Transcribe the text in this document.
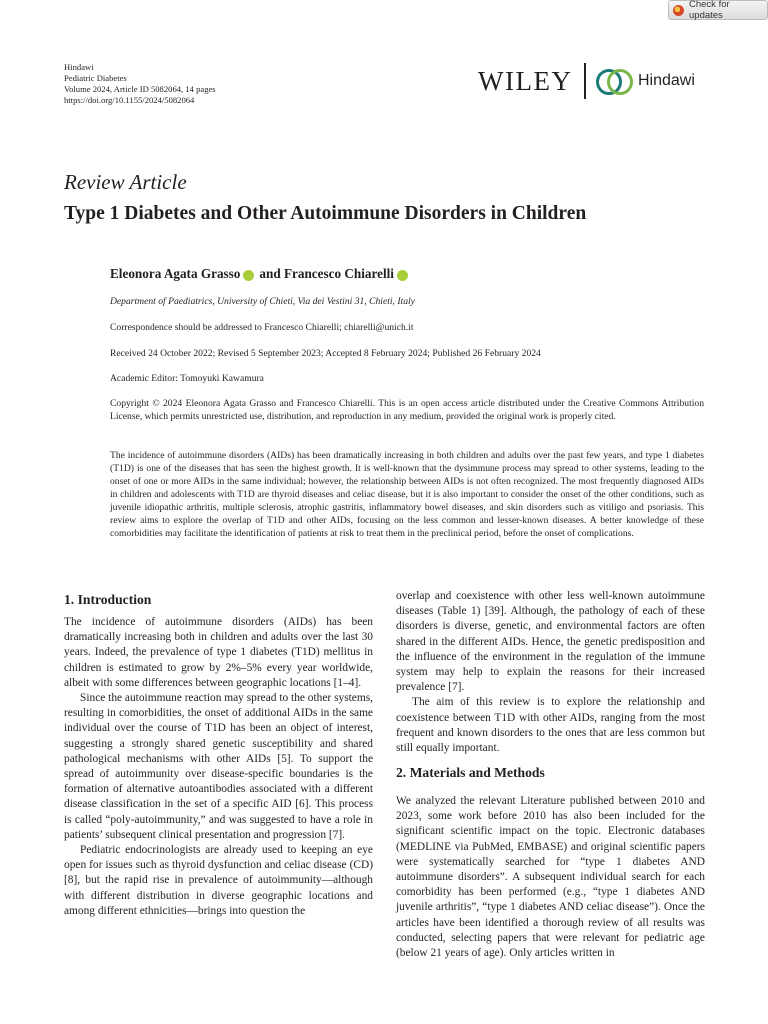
Check for updates
Hindawi
Pediatric Diabetes
Volume 2024, Article ID 5082064, 14 pages
https://doi.org/10.1155/2024/5082064
WILEY	Hindawi
Review Article
Type 1 Diabetes and Other Autoimmune Disorders in Children
Eleonora Agata Grasso and Francesco Chiarelli
Department of Paediatrics, University of Chieti, Via dei Vestini 31, Chieti, Italy
Correspondence should be addressed to Francesco Chiarelli; chiarelli@unich.it
Received 24 October 2022; Revised 5 September 2023; Accepted 8 February 2024; Published 26 February 2024
Academic Editor: Tomoyuki Kawamura
Copyright © 2024 Eleonora Agata Grasso and Francesco Chiarelli. This is an open access article distributed under the Creative Commons Attribution License, which permits unrestricted use, distribution, and reproduction in any medium, provided the original work is properly cited.
The incidence of autoimmune disorders (AIDs) has been dramatically increasing in both children and adults over the past few years, and type 1 diabetes (T1D) is one of the diseases that has seen the highest growth. It is well-known that the dysimmune process may spread to other systems, leading to the onset of one or more AIDs in the same individual; however, the relationship between AIDs is not often recognized. The most frequently diagnosed AIDs in children and adolescents with T1D are thyroid diseases and celiac disease, but it is also important to consider the onset of the other conditions, such as juvenile idiopathic arthritis, multiple sclerosis, atrophic gastritis, inflammatory bowel diseases, and skin disorders such as vitiligo and psoriasis. This review aims to explore the overlap of T1D and other AIDs, focusing on the less common and lesser-known diseases. A better knowledge of these comorbidities may facilitate the identification of patients at risk to treat them in the preclinical period, before the onset of complications.
1. Introduction

The incidence of autoimmune disorders (AIDs) has been dramatically increasing both in children and adults over the last 30 years. Indeed, the prevalence of type 1 diabetes (T1D) mellitus in children is estimated to grow by 2%–5% every year worldwide, albeit with some differences between geographic locations [1–4].

Since the autoimmune reaction may spread to the other systems, resulting in comorbidities, the onset of additional AIDs in the same individual over the course of T1D has been an object of interest, suggesting a strongly shared genetic susceptibility and shared pathological mechanisms with other AIDs [5]. To support the spread of autoimmunity over disease-specific boundaries is the formation of alternative autoantibodies associated with a different disease classification in the set of a specific AID [6]. This process is called “poly-autoimmunity,” and was suggested to have a role in patients’ subsequent clinical presentation and progression [7].

Pediatric endocrinologists are already used to keeping an eye open for issues such as thyroid dysfunction and celiac disease (CD) [8], but the rapid rise in prevalence of autoimmunity—although with different distribution in diverse geographic locations and among different ethnicities—brings into question the

overlap and coexistence with other less well-known autoimmune diseases (Table 1) [39]. Although, the pathology of each of these disorders is diverse, genetic, and environmental factors are often shared in the different AIDs. Hence, the genetic predisposition and the influence of the environment in the regulation of the immune system may help to explain the reasons for their increased prevalence [7].

The aim of this review is to explore the relationship and coexistence between T1D with other AIDs, ranging from the most frequent and known disorders to the ones that are less common but still equally important.

2. Materials and Methods

We analyzed the relevant Literature published between 2010 and 2023, some work before 2010 has also been included for the significant scientific impact on the topic. Electronic databases (MEDLINE via PubMed, EMBASE) and original scientific papers were systematically searched for “type 1 diabetes AND autoimmune disorders”. A subsequent individual search for each comorbidity has been performed (e.g., “type 1 diabetes AND juvenile arthritis”, “type 1 diabetes AND celiac disease”). Once the articles have been identified a thorough review of all results was conducted, selecting papers that were relevant for pediatric age (below 21 years of age). Only articles written in
